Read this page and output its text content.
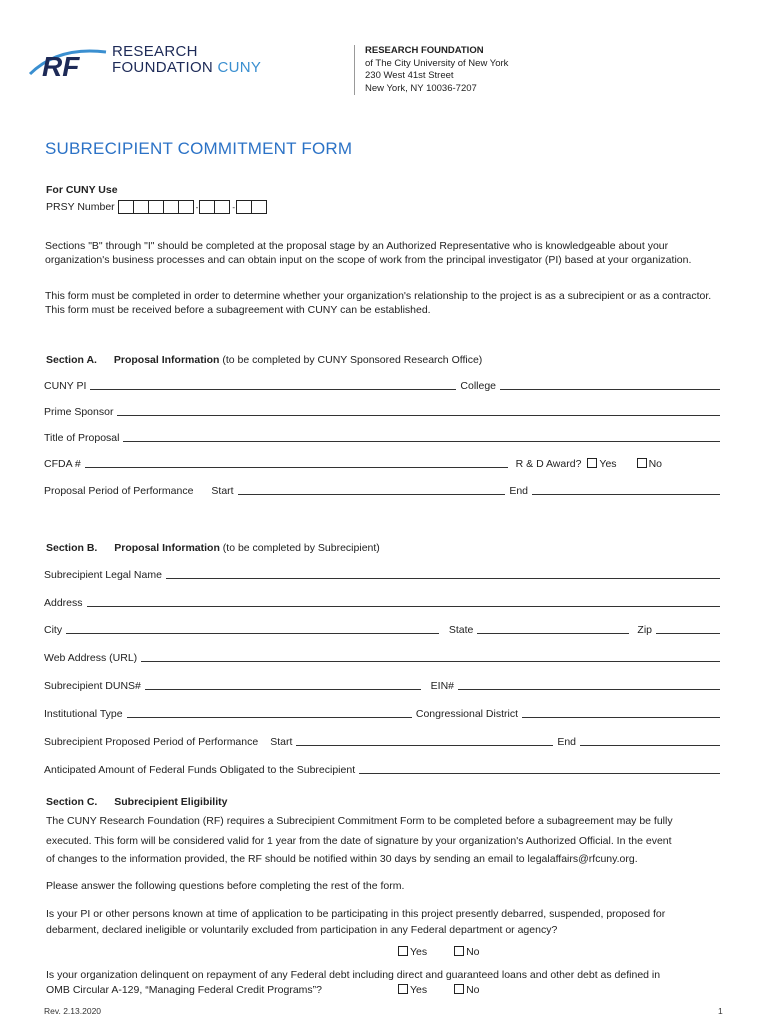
RF RESEARCH
FOUNDATION CUNY
RESEARCH FOUNDATION
of The City University of New York
230 West 41st Street
New York, NY 10036-7207
SUBRECIPIENT COMMITMENT FORM
For CUNY Use
PRSY Number	-	-
Sections "B" through "I" should be completed at the proposal stage by an Authorized Representative who is knowledgeable about your organization's business processes and can obtain input on the scope of work from the principal investigator (PI) based at your organization.
This form must be completed in order to determine whether your organization's relationship to the project is as a subrecipient or as a contractor. This form must be received before a subagreement with CUNY can be established.
Section A. Proposal Information (to be completed by CUNY Sponsored Research Office)
CUNY PI	College
Prime Sponsor
Title of Proposal
CFDA #	R & D Award?	Yes	No
Proposal Period of Performance Start	End
Section B. Proposal Information (to be completed by Subrecipient)
Subrecipient Legal Name
Address
City	State	Zip
Web Address (URL)
Subrecipient DUNS#	EIN#
Institutional Type	Congressional District
Subrecipient Proposed Period of Performance Start	End
Anticipated Amount of Federal Funds Obligated to the Subrecipient
Section C. Subrecipient Eligibility
The CUNY Research Foundation (RF) requires a Subrecipient Commitment Form to be completed before a subagreement may be fully
executed. This form will be considered valid for 1 year from the date of signature by your organization's Authorized Official. In the event
of changes to the information provided, the RF should be notified within 30 days by sending an email to legalaffairs@rfcuny.org.
Please answer the following questions before completing the rest of the form.
Is your PI or other persons known at time of application to be participating in this project presently debarred, suspended, proposed for
debarment, declared ineligible or voluntarily excluded from participation in any Federal department or agency?
Yes	No
Is your organization delinquent on repayment of any Federal debt including direct and guaranteed loans and other debt as defined in
OMB Circular A-129, “Managing Federal Credit Programs”?	Yes	No
Rev. 2.13.2020	1
